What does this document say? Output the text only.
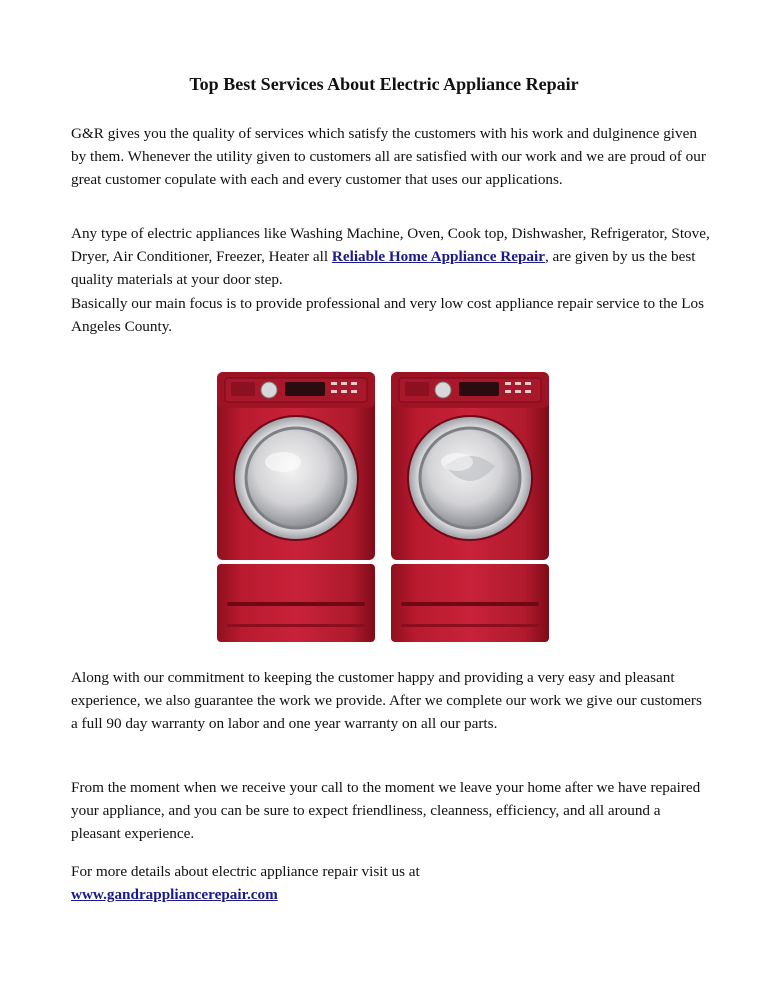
Top Best Services About Electric Appliance Repair
G&R gives you the quality of services which satisfy the customers with his work and dulginence given by them. Whenever the utility given to customers all are satisfied with our work and we are proud of our great customer copulate with each and every customer that uses our applications.
Any type of electric appliances like Washing Machine, Oven, Cook top, Dishwasher, Refrigerator, Stove, Dryer, Air Conditioner, Freezer, Heater all Reliable Home Appliance Repair, are given by us the best quality materials at your door step.
Basically our main focus is to provide professional and very low cost appliance repair service to the Los Angeles County.
Along with our commitment to keeping the customer happy and providing a very easy and pleasant experience, we also guarantee the work we provide. After we complete our work we give our customers a full 90 day warranty on labor and one year warranty on all our parts.
From the moment when we receive your call to the moment we leave your home after we have repaired your appliance, and you can be sure to expect friendliness, cleanness, efficiency, and all around a pleasant experience.
For more details about electric appliance repair visit us at
www.gandrappliancerepair.com
